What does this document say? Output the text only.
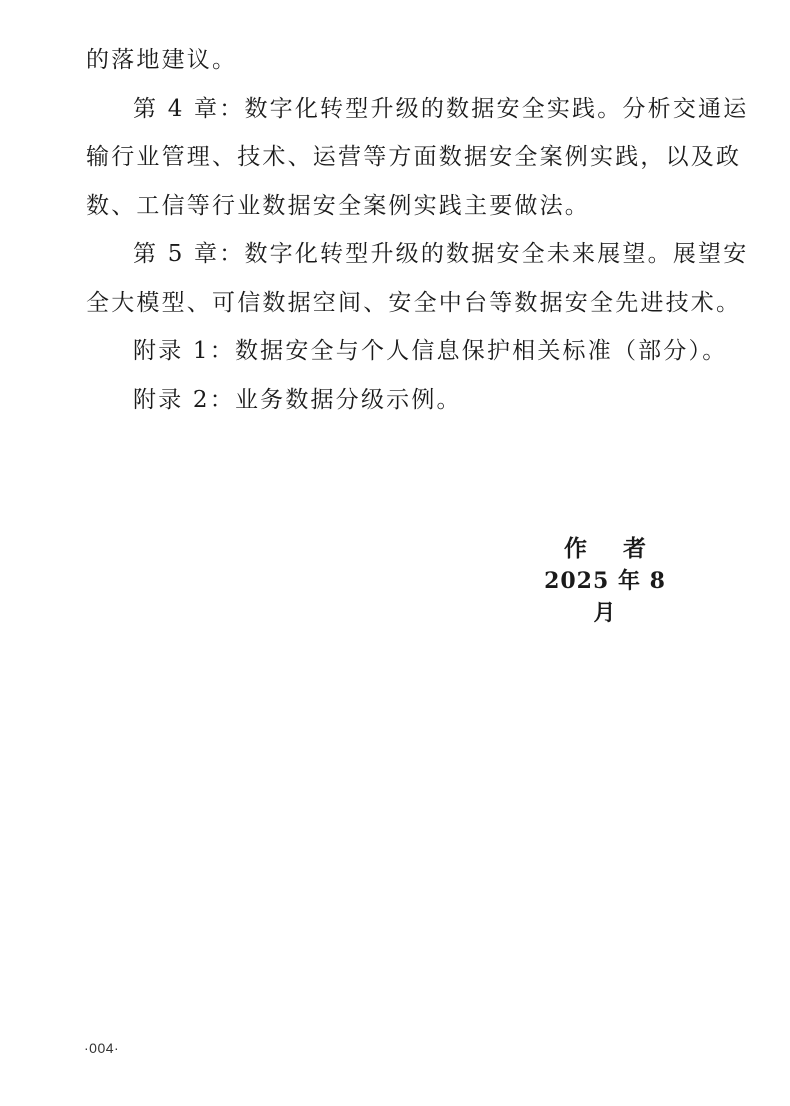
的落地建议。
第 4 章：数字化转型升级的数据安全实践。分析交通运
输行业管理、技术、运营等方面数据安全案例实践，以及政
数、工信等行业数据安全案例实践主要做法。
第 5 章：数字化转型升级的数据安全未来展望。展望安
全大模型、可信数据空间、安全中台等数据安全先进技术。
附录 1：数据安全与个人信息保护相关标准（部分）。
附录 2：业务数据分级示例。
作 者
2025 年 8 月
·004·
